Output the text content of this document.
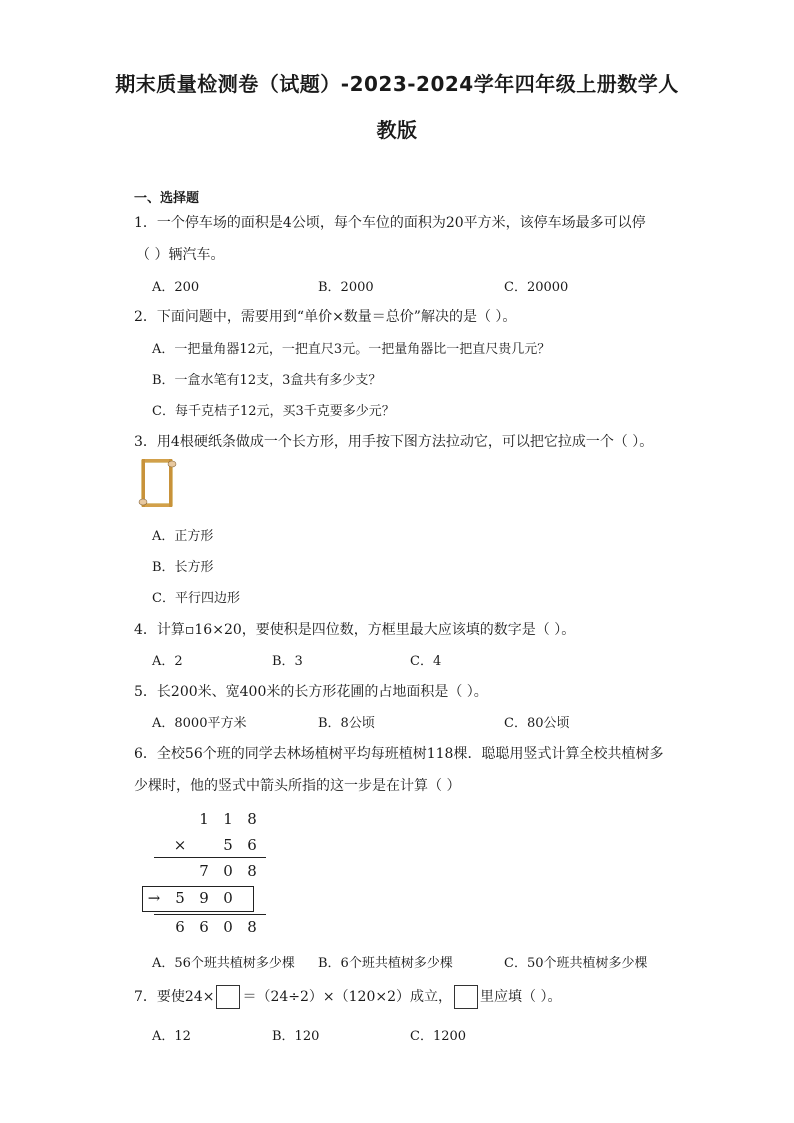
期末质量检测卷（试题）-2023-2024学年四年级上册数学人
教版
一、选择题
1．一个停车场的面积是4公顷，每个车位的面积为20平方米，该停车场最多可以停
（ ）辆汽车。
A．200	B．2000	C．20000
2．下面问题中，需要用到“单价×数量＝总价”解决的是（ ）。
A．一把量角器12元，一把直尺3元。一把量角器比一把直尺贵几元？
B．一盒水笔有12支，3盒共有多少支？
C．每千克桔子12元，买3千克要多少元？
3．用4根硬纸条做成一个长方形，用手按下图方法拉动它，可以把它拉成一个（ ）。
A．正方形
B．长方形
C．平行四边形
4．计算▫16×20，要使积是四位数，方框里最大应该填的数字是（ ）。
A．2	B．3	C．4
5．长200米、宽400米的长方形花圃的占地面积是（ ）。
A．8000平方米	B．8公顷	C．80公顷
6．全校56个班的同学去林场植树平均每班植树118棵．聪聪用竖式计算全校共植树多
少棵时，他的竖式中箭头所指的这一步是在计算（ ）
1 1 8
×	5 6
7 0 8
→ 5 9 0
6 6 0 8
A．56个班共植树多少棵 B．6个班共植树多少棵	C．50个班共植树多少棵
7．要使24× ＝（24÷2）×（120×2）成立， 里应填（ ）。
A．12	B．120	C．1200
